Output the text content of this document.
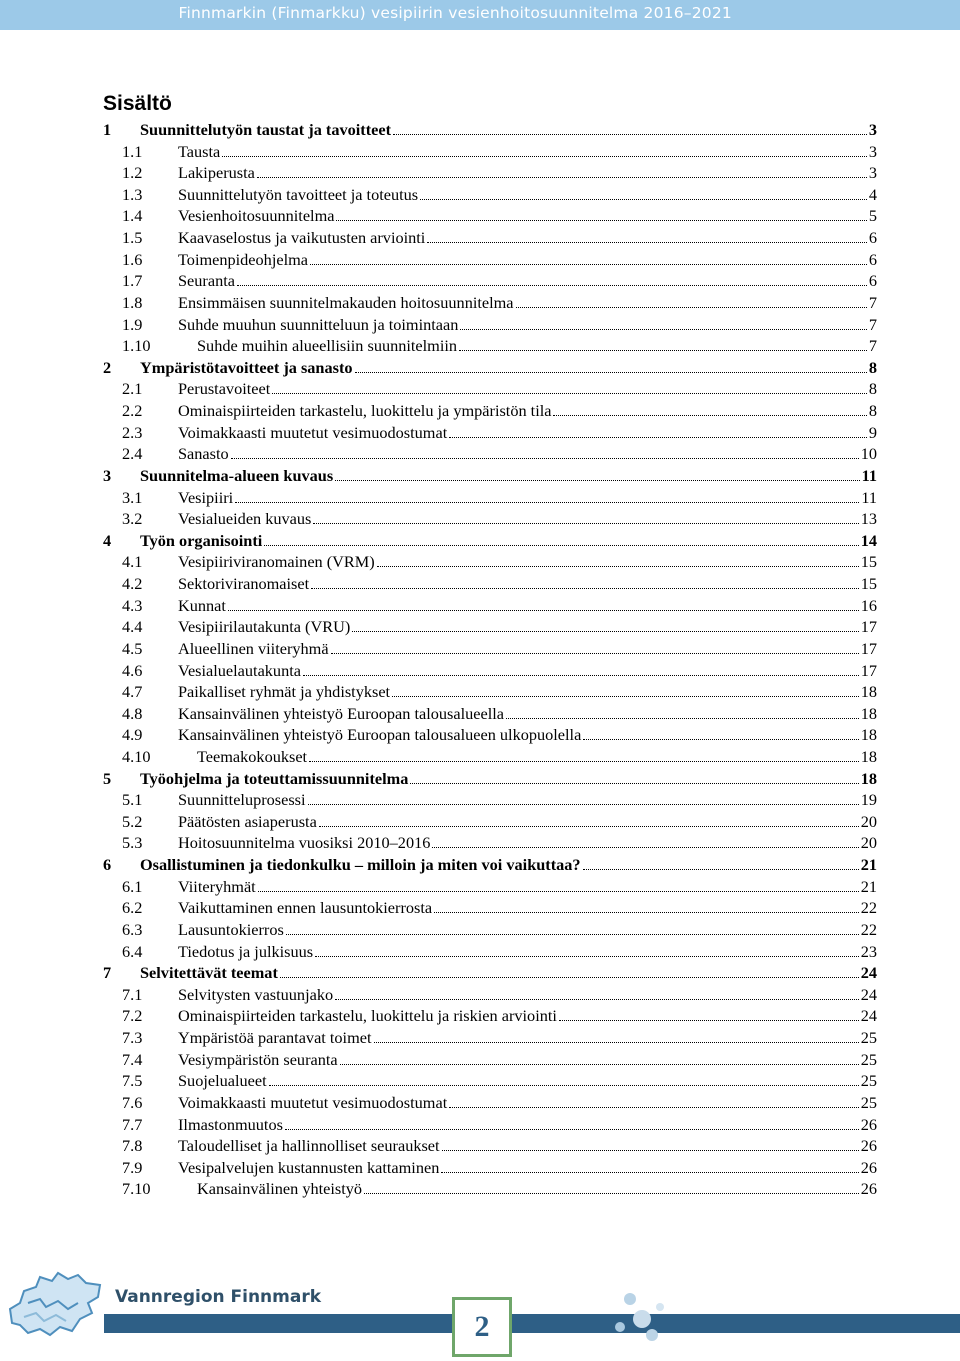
Finnmarkin (Finmarkku) vesipiirin vesienhoitosuunnitelma 2016–2021
Sisältö
1 Suunnittelutyön taustat ja tavoitteet	3
1.1 Tausta	3
1.2 Lakiperusta	3
1.3 Suunnittelutyön tavoitteet ja toteutus	4
1.4 Vesienhoitosuunnitelma	5
1.5 Kaavaselostus ja vaikutusten arviointi	6
1.6 Toimenpideohjelma	6
1.7 Seuranta	6
1.8 Ensimmäisen suunnitelmakauden hoitosuunnitelma	7
1.9 Suhde muuhun suunnitteluun ja toimintaan	7
1.10	Suhde muihin alueellisiin suunnitelmiin	7
2 Ympäristötavoitteet ja sanasto	8
2.1 Perustavoiteet	8
2.2 Ominaispiirteiden tarkastelu, luokittelu ja ympäristön tila	8
2.3 Voimakkaasti muutetut vesimuodostumat	9
2.4 Sanasto	10
3 Suunnitelma-alueen kuvaus	11
3.1 Vesipiiri	11
3.2 Vesialueiden kuvaus	13
4 Työn organisointi	14
4.1 Vesipiiriviranomainen (VRM)	15
4.2 Sektoriviranomaiset	15
4.3 Kunnat	16
4.4 Vesipiirilautakunta (VRU)	17
4.5 Alueellinen viiteryhmä	17
4.6 Vesialuelautakunta	17
4.7 Paikalliset ryhmät ja yhdistykset	18
4.8 Kansainvälinen yhteistyö Euroopan talousalueella	18
4.9 Kansainvälinen yhteistyö Euroopan talousalueen ulkopuolella	18
4.10	Teemakokoukset	18
5 Työohjelma ja toteuttamissuunnitelma	18
5.1 Suunnitteluprosessi	19
5.2 Päätösten asiaperusta	20
5.3 Hoitosuunnitelma vuosiksi 2010–2016	20
6 Osallistuminen ja tiedonkulku – milloin ja miten voi vaikuttaa?	21
6.1 Viiteryhmät	21
6.2 Vaikuttaminen ennen lausuntokierrosta	22
6.3 Lausuntokierros	22
6.4 Tiedotus ja julkisuus	23
7 Selvitettävät teemat	24
7.1 Selvitysten vastuunjako	24
7.2 Ominaispiirteiden tarkastelu, luokittelu ja riskien arviointi	24
7.3 Ympäristöä parantavat toimet	25
7.4 Vesiympäristön seuranta	25
7.5 Suojelualueet	25
7.6 Voimakkaasti muutetut vesimuodostumat	25
7.7 Ilmastonmuutos	26
7.8 Taloudelliset ja hallinnolliset seuraukset	26
7.9 Vesipalvelujen kustannusten kattaminen	26
7.10	Kansainvälinen yhteistyö	26
Vannregion Finnmark
2
